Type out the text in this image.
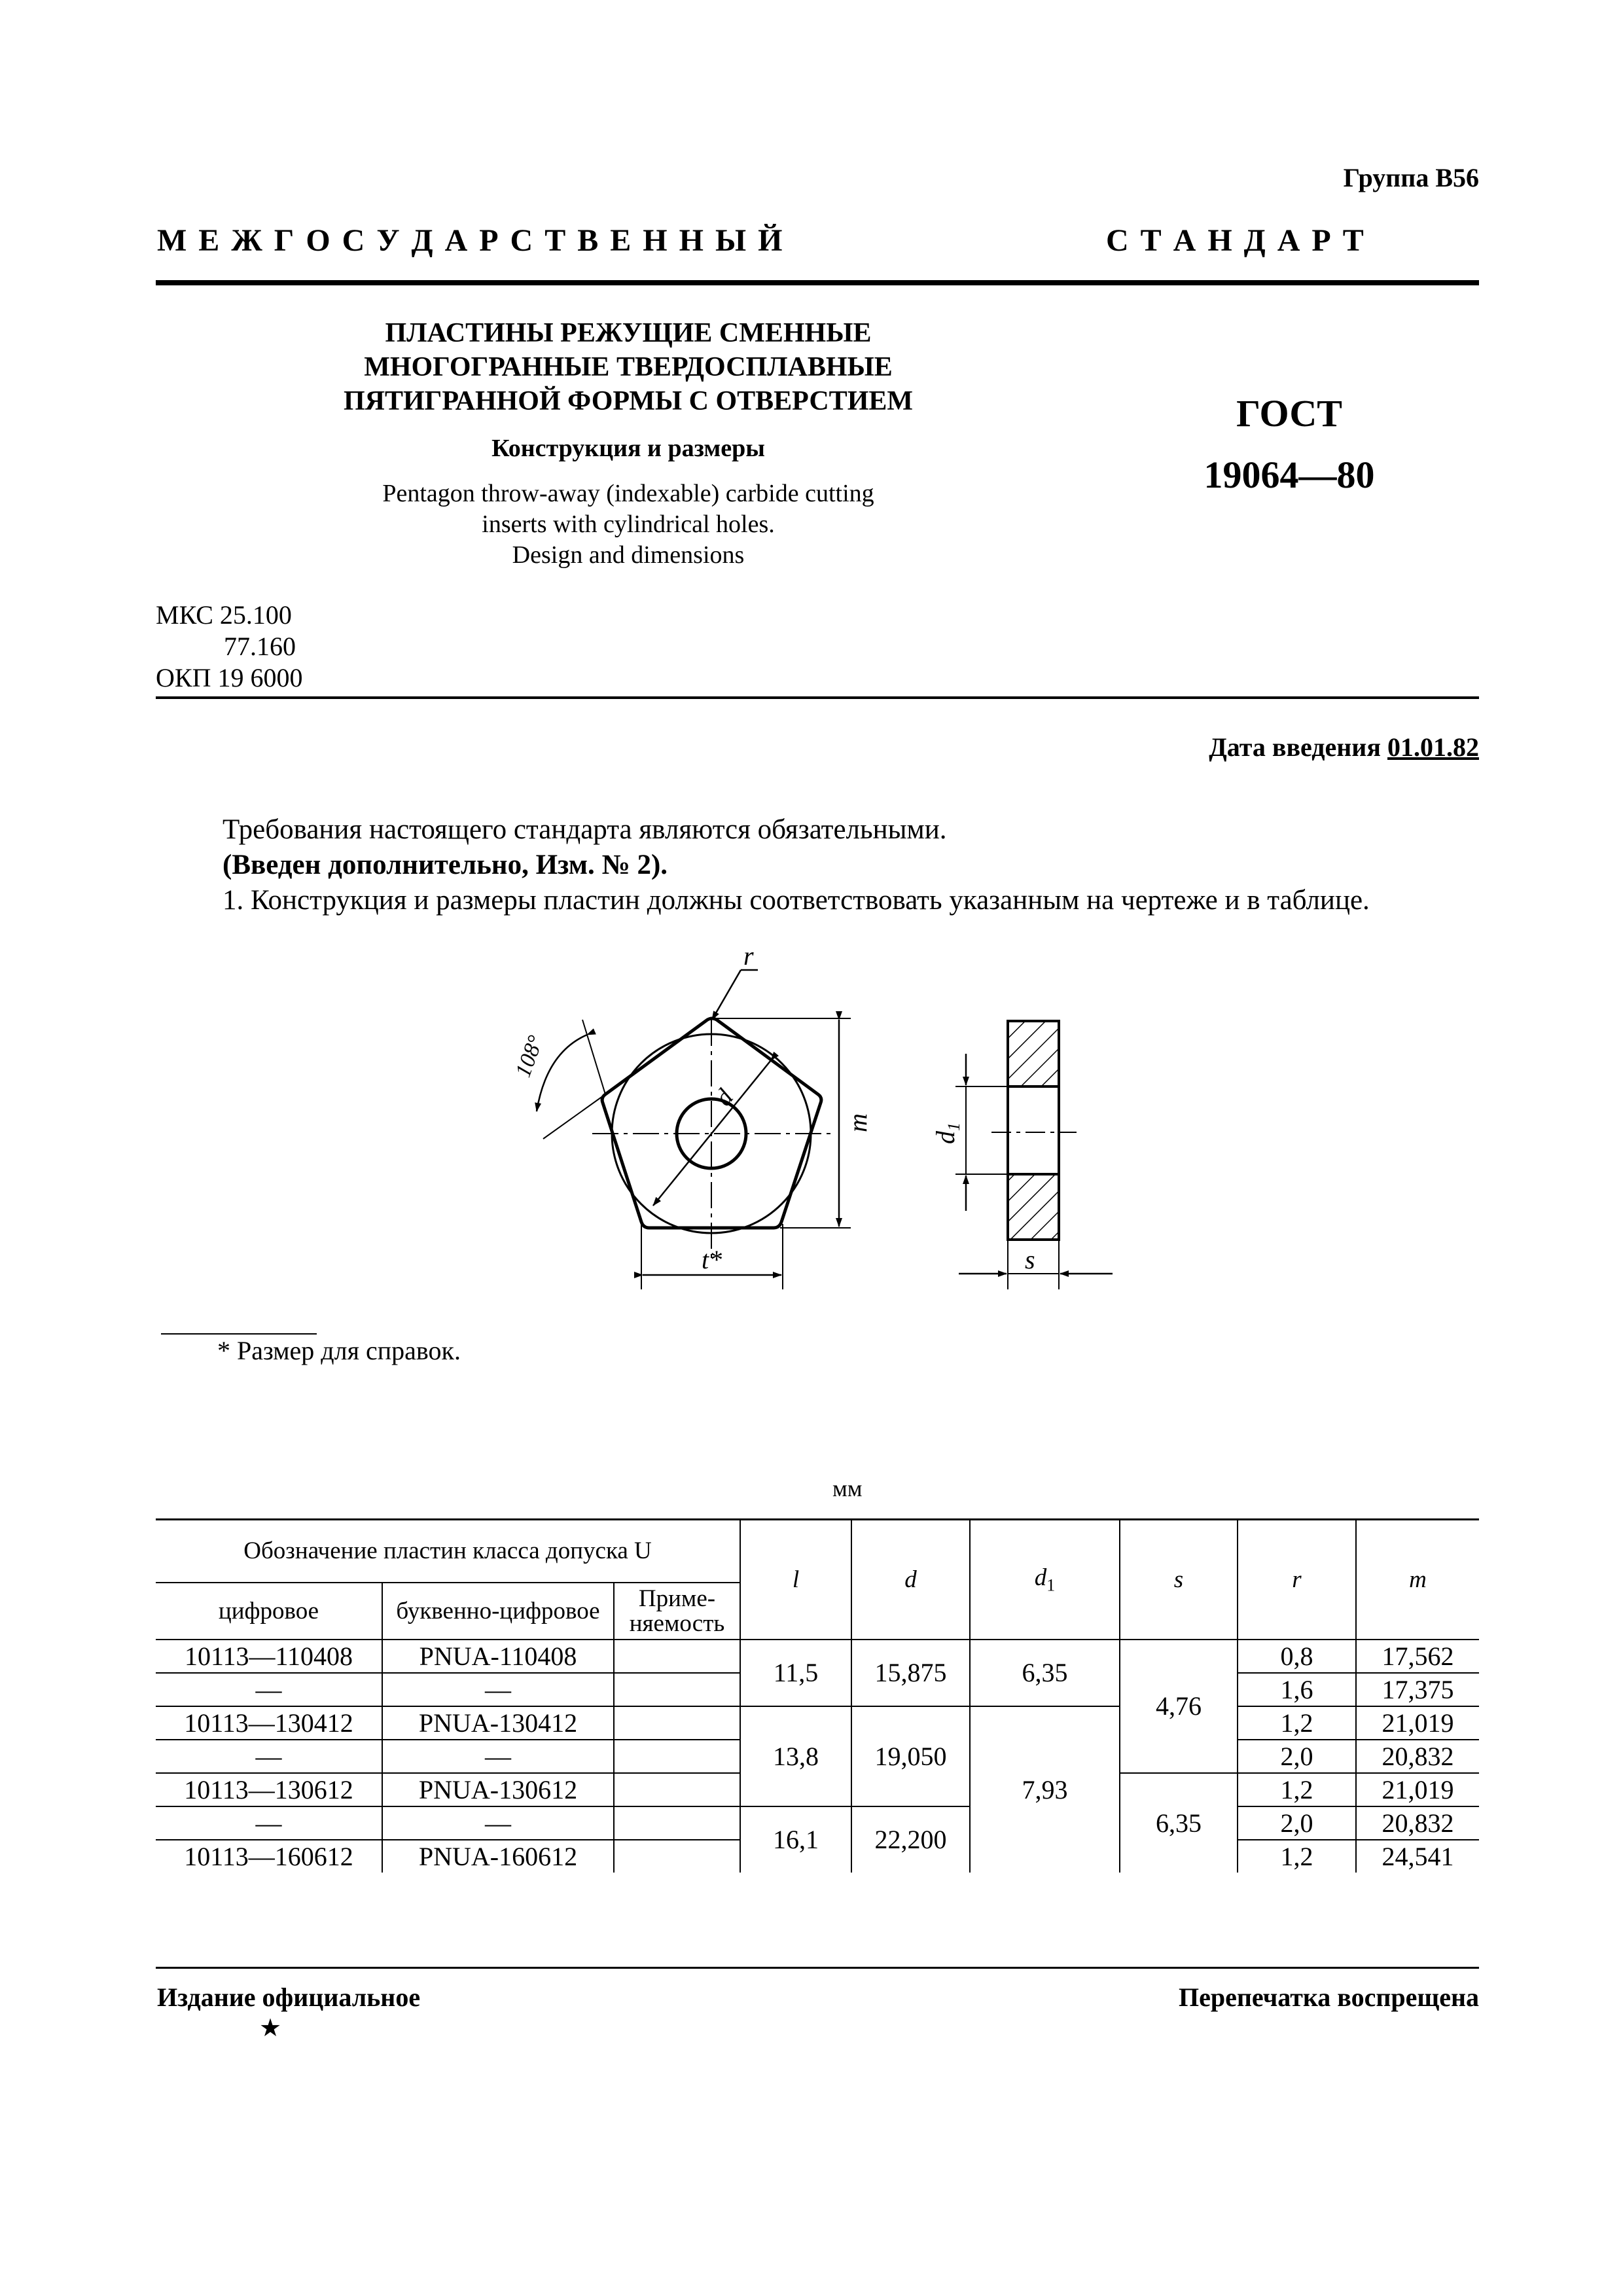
Группа В56
М Е Ж Г О С У Д А Р С Т В Е Н Н Ы Й	С Т А Н Д А Р Т
ПЛАСТИНЫ РЕЖУЩИЕ СМЕННЫЕ
МНОГОГРАННЫЕ ТВЕРДОСПЛАВНЫЕ
ПЯТИГРАННОЙ ФОРМЫ С ОТВЕРСТИЕМ
Конструкция и размеры
Pentagon throw-away (indexable) carbide cutting
inserts with cylindrical holes.
Design and dimensions
ГОСТ
19064—80
МКС 25.100
77.160
ОКП 19 6000
Дата введения 01.01.82
Требования настоящего стандарта являются обязательными.
(Введен дополнительно, Изм. № 2).
1. Конструкция и размеры пластин должны соответствовать указанным на чертеже и в таблице.
d
r
m
t*
108°
$d_1$
s
* Размер для справок.
мм
Обозначение пластин класса допуска U			l	d	$d_1$	s	r	m
цифровое	буквенно-цифровое	Приме-
няемость						
10113—110408	PNUA-110408		11,5	15,875	6,35	4,76	0,8	17,562
—	—						1,6	17,375
10113—130412	PNUA-130412		13,8	19,050	7,93		1,2	21,019
—	—						2,0	20,832
10113—130612	PNUA-130612					6,35	1,2	21,019
—	—		16,1	22,200			2,0	20,832
10113—160612	PNUA-160612						1,2	24,541
Издание официальное
★
Перепечатка воспрещена
